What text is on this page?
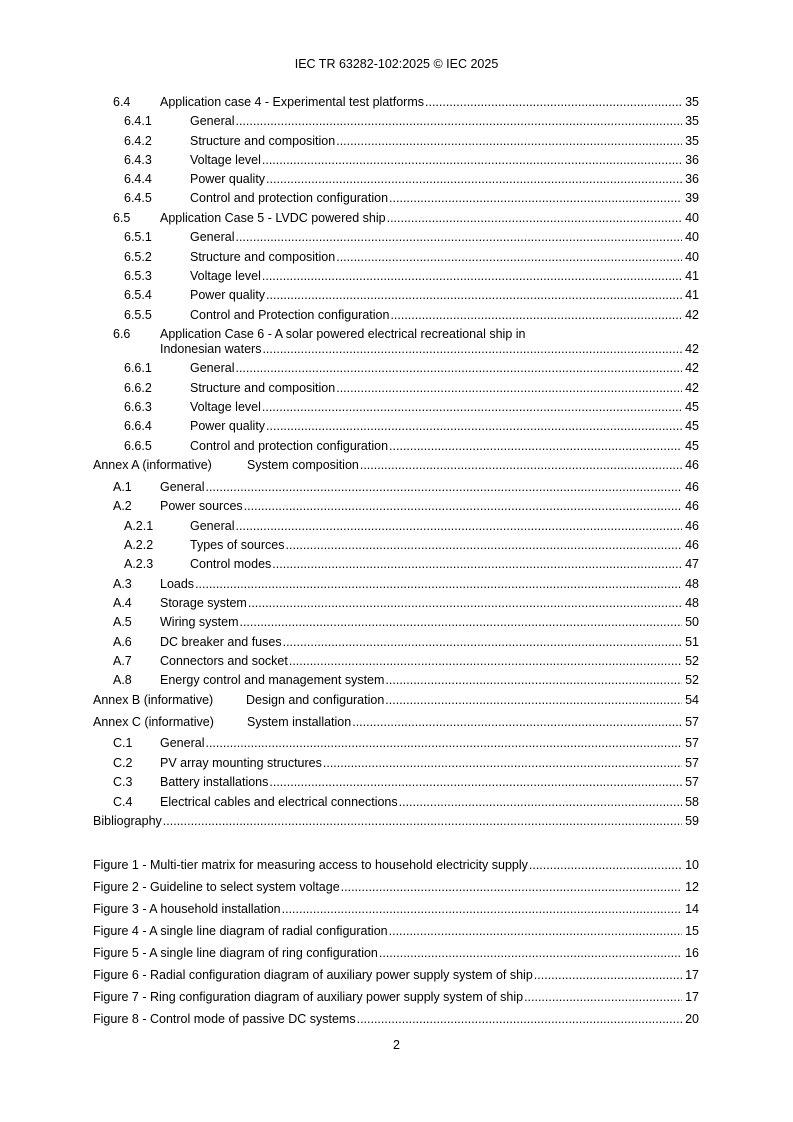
IEC TR 63282-102:2025 © IEC 2025
6.4 Application case 4 - Experimental test platforms .....	35
6.4.1	General .....	35
6.4.2	Structure and composition .....	35
6.4.3	Voltage level .....	36
6.4.4	Power quality .....	36
6.4.5	Control and protection configuration .....	39
6.5 Application Case 5 - LVDC powered ship .....	40
6.5.1	General .....	40
6.5.2	Structure and composition .....	40
6.5.3	Voltage level .....	41
6.5.4	Power quality .....	41
6.5.5	Control and Protection configuration .....	42
6.6 Application Case 6 - A solar powered electrical recreational ship in
Indonesian waters .....	42
6.6.1	General .....	42
6.6.2	Structure and composition .....	42
6.6.3	Voltage level .....	45
6.6.4	Power quality .....	45
6.6.5	Control and protection configuration .....	45
Annex A (informative)	System composition .....	46
A.1 General .....	46
A.2 Power sources .....	46
A.2.1	General .....	46
A.2.2	Types of sources .....	46
A.2.3	Control modes .....	47
A.3 Loads .....	48
A.4 Storage system .....	48
A.5 Wiring system .....	50
A.6 DC breaker and fuses .....	51
A.7 Connectors and socket .....	52
A.8 Energy control and management system .....	52
Annex B (informative)	Design and configuration .....	54
Annex C (informative)	System installation .....	57
C.1 General .....	57
C.2 PV array mounting structures .....	57
C.3 Battery installations .....	57
C.4 Electrical cables and electrical connections .....	58
Bibliography .....	59
Figure 1 - Multi-tier matrix for measuring access to household electricity supply .....	10
Figure 2 - Guideline to select system voltage .....	12
Figure 3 - A household installation .....	14
Figure 4 - A single line diagram of radial configuration .....	15
Figure 5 - A single line diagram of ring configuration .....	16
Figure 6 - Radial configuration diagram of auxiliary power supply system of ship .....	17
Figure 7 - Ring configuration diagram of auxiliary power supply system of ship .....	17
Figure 8 - Control mode of passive DC systems .....	20
2
